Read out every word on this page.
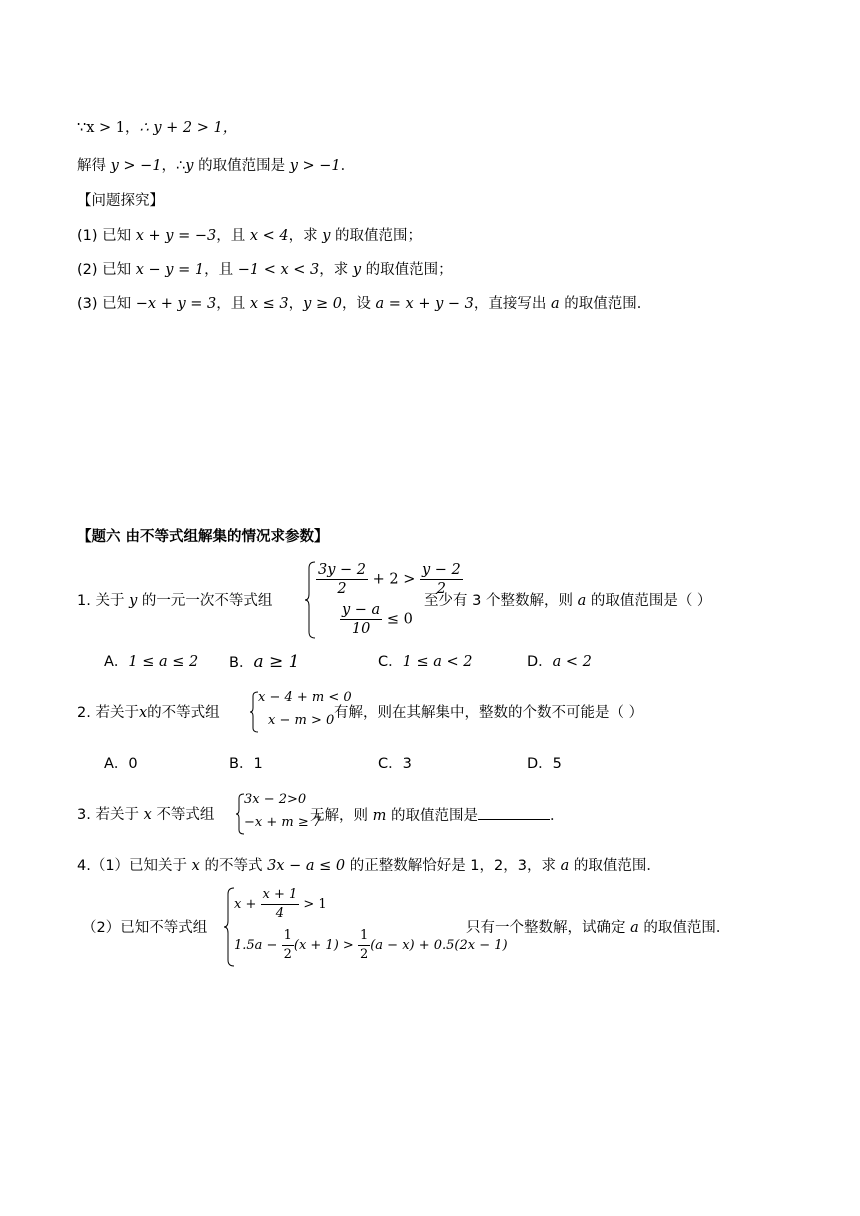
∵x > 1，∴ y + 2 > 1，
解得 y > −1，∴y 的取值范围是 y > −1．
【问题探究】
(1) 已知 x + y = −3，且 x < 4，求 y 的取值范围；
(2) 已知 x − y = 1，且 −1 < x < 3，求 y 的取值范围；
(3) 已知 −x + y = 3，且 x ≤ 3，y ≥ 0，设 a = x + y − 3，直接写出 a 的取值范围．
【题六 由不等式组解集的情况求参数】
1. 关于 y 的一元一次不等式组
$\frac{3y - 2}{2} + 2 > \frac{y - 2}{2}$
$\frac{y - a}{10} \le 0$
至少有 3 个整数解，则 a 的取值范围是（ ）
A．1 ≤ a ≤ 2 B．a ≥ 1	C．1 ≤ a < 2	D．a < 2
2. 若关于x的不等式组
x − 4 + m < 0
x − m > 0 有解，则在其解集中，整数的个数不可能是（ ）
A．0	B．1	C．3	D．5
3. 若关于 x 不等式组
3x − 2>0
−x + m ≥ 7
无解，则 m 的取值范围是	．
4.（1）已知关于 x 的不等式 3x − a ≤ 0 的正整数解恰好是 1，2，3，求 a 的取值范围．
（2）已知不等式组
$x + \frac{x + 1}{4} > 1$
$1.5a - \frac{1}{2} (x + 1) > \frac{1}{2} (a - x) + 0.5(2x - 1)$
只有一个整数解，试确定 a 的取值范围．
